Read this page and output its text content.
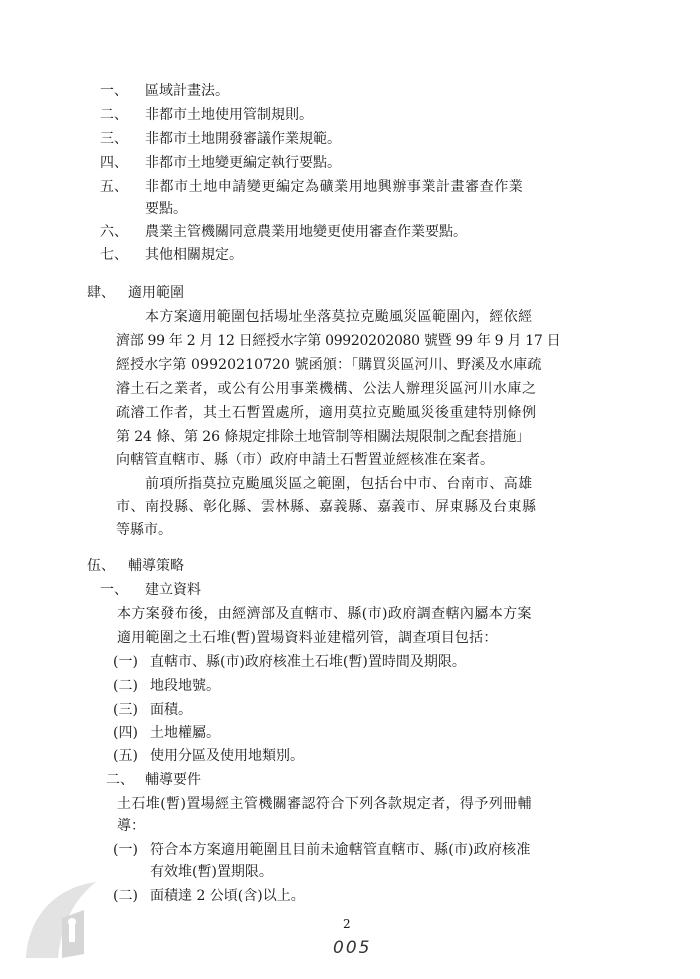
一、 區域計畫法。
二、 非都市土地使用管制規則。
三、 非都市土地開發審議作業規範。
四、 非都市土地變更編定執行要點。
五、 非都市土地申請變更編定為礦業用地興辦事業計畫審查作業
要點。
六、 農業主管機關同意農業用地變更使用審查作業要點。
七、 其他相關規定。
肆、 適用範圍
本方案適用範圍包括場址坐落莫拉克颱風災區範圍內，經依經
濟部 99 年 2 月 12 日經授水字第 09920202080 號暨 99 年 9 月 17 日
經授水字第 09920210720 號函頒：「購買災區河川、野溪及水庫疏
濬土石之業者，或公有公用事業機構、公法人辦理災區河川水庫之
疏濬工作者，其土石暫置處所，適用莫拉克颱風災後重建特別條例
第 24 條、第 26 條規定排除土地管制等相關法規限制之配套措施」
向轄管直轄市、縣（市）政府申請土石暫置並經核准在案者。
前項所指莫拉克颱風災區之範圍，包括台中市、台南市、高雄
市、南投縣、彰化縣、雲林縣、嘉義縣、嘉義市、屏東縣及台東縣
等縣市。
伍、 輔導策略
一、 建立資料
本方案發布後，由經濟部及直轄市、縣(市)政府調查轄內屬本方案
適用範圍之土石堆(暫)置場資料並建檔列管，調查項目包括：
(一) 直轄市、縣(市)政府核准土石堆(暫)置時間及期限。
(二) 地段地號。
(三) 面積。
(四) 土地權屬。
(五) 使用分區及使用地類別。
二、 輔導要件
土石堆(暫)置場經主管機關審認符合下列各款規定者，得予列冊輔
導：
(一) 符合本方案適用範圍且目前未逾轄管直轄市、縣(市)政府核准
有效堆(暫)置期限。
(二) 面積達 2 公頃(含)以上。
2
005
